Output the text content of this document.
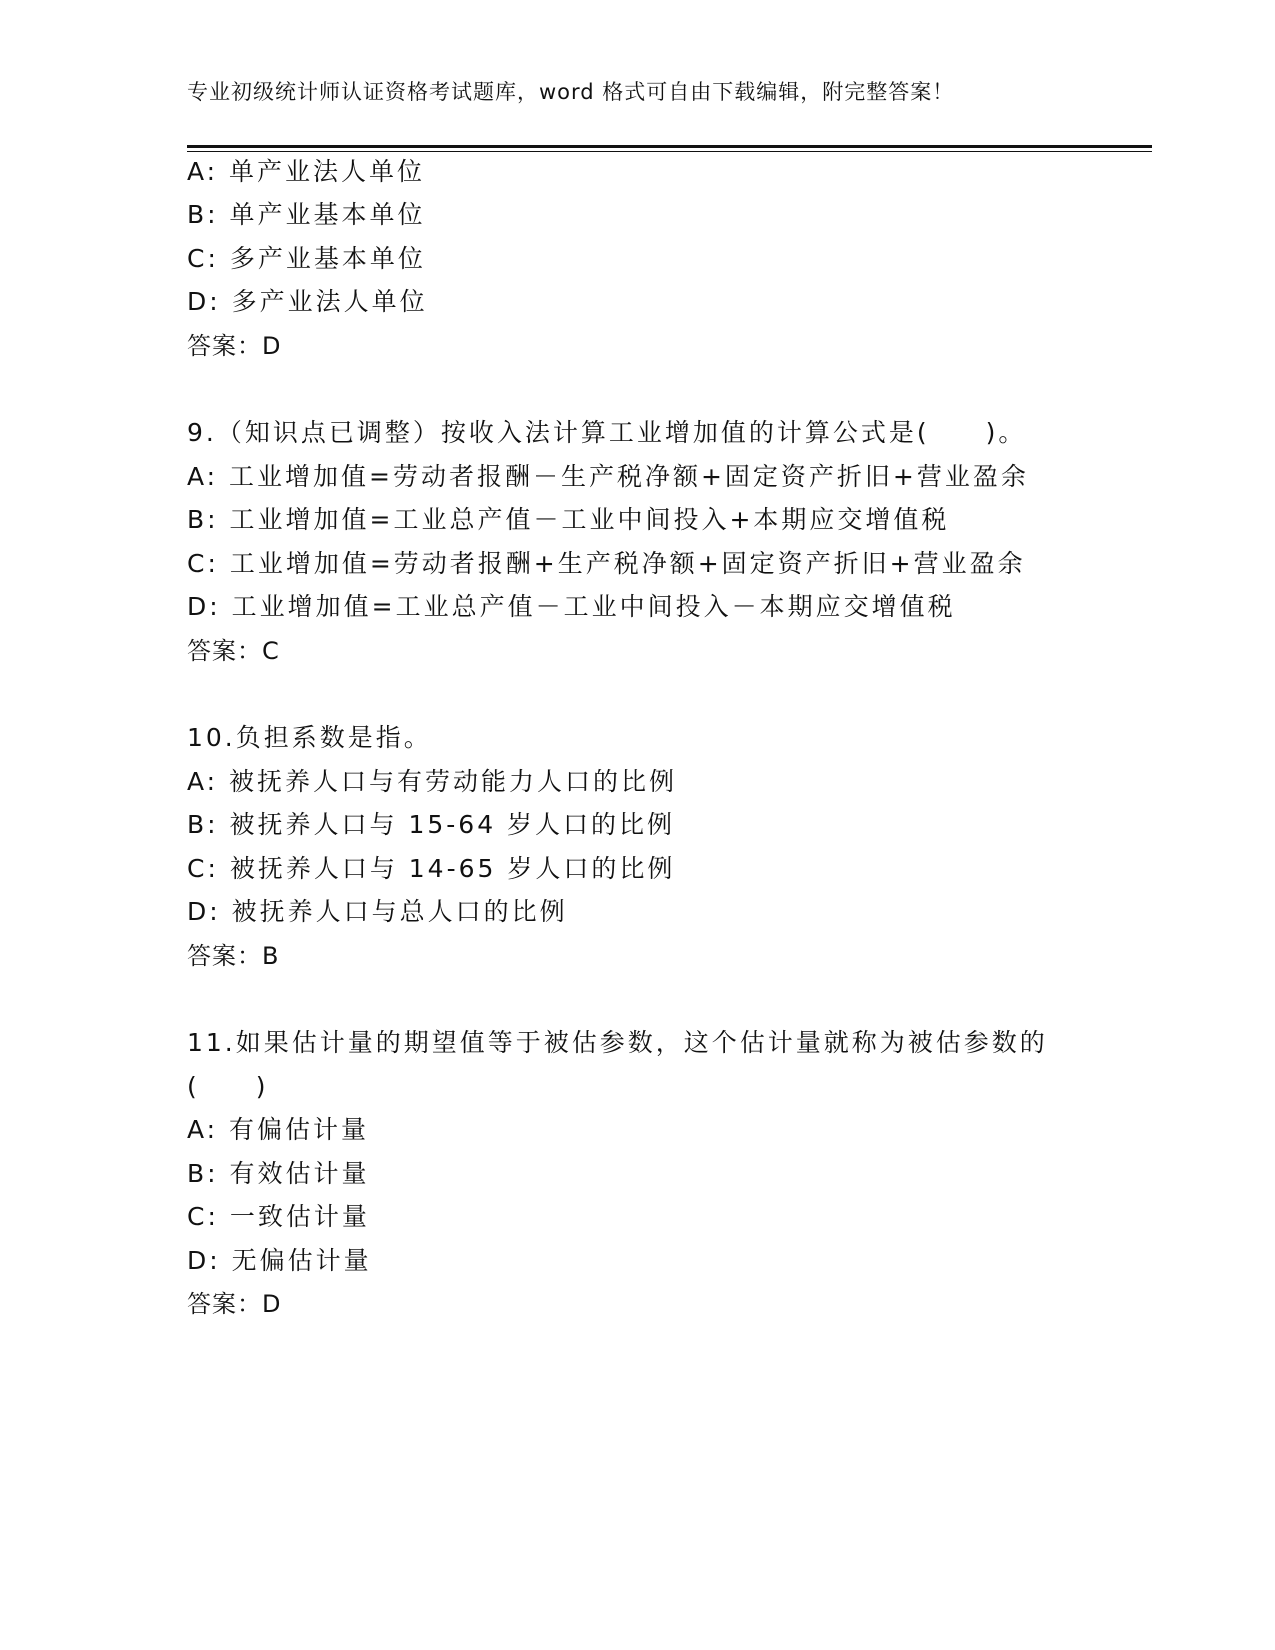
专业初级统计师认证资格考试题库，word 格式可自由下载编辑，附完整答案！
A: 单产业法人单位
B: 单产业基本单位
C: 多产业基本单位
D: 多产业法人单位
答案：D
9.（知识点已调整）按收入法计算工业增加值的计算公式是(　　)。
A: 工业增加值=劳动者报酬－生产税净额+固定资产折旧+营业盈余
B: 工业增加值=工业总产值－工业中间投入+本期应交增值税
C: 工业增加值=劳动者报酬+生产税净额+固定资产折旧+营业盈余
D: 工业增加值=工业总产值－工业中间投入－本期应交增值税
答案：C
10.负担系数是指。
A: 被抚养人口与有劳动能力人口的比例
B: 被抚养人口与 15-64 岁人口的比例
C: 被抚养人口与 14-65 岁人口的比例
D: 被抚养人口与总人口的比例
答案：B
11.如果估计量的期望值等于被估参数，这个估计量就称为被估参数的
(　　)
A: 有偏估计量
B: 有效估计量
C: 一致估计量
D: 无偏估计量
答案：D
